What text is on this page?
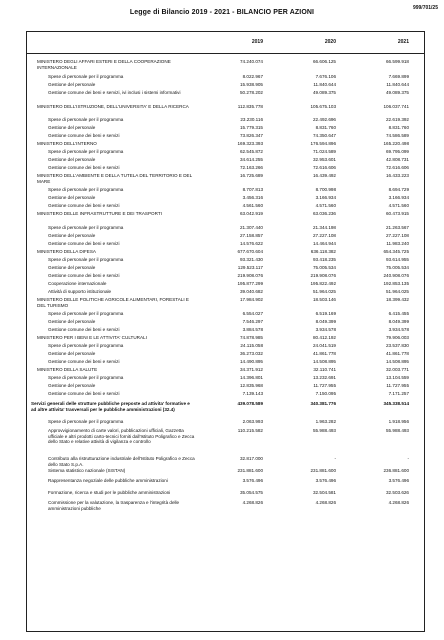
999/701/25
Legge di Bilancio 2019 - 2021 - BILANCIO PER AZIONI
2019	2020	2021
MINISTERO DEGLI AFFARI ESTERI E DELLA COOPERAZIONE INTERNAZIONALE
74.240.074	66.606.125	66.599.918
Spese di personale per il programma	8.022.967	7.676.106	7.669.899
Gestione del personale	15.938.905	11.840.644	11.840.644
Gestione comune dei beni e servizi, ivi inclusi i sistemi informativi	50.278.202	49.089.375	49.089.375
MINISTERO DELL'ISTRUZIONE, DELL'UNIVERSITA' E DELLA RICERCA	112.835.778	105.675.103	106.037.741
Spese di personale per il programma	23.230.116	22.492.696	22.619.392
Gestione del personale	15.779.315	8.831.760	8.831.760
Gestione comune dei beni e servizi	73.826.347	74.350.647	74.586.589
MINISTERO DELL'INTERNO	169.323.393	176.594.896	165.220.498
Spese di personale per il programma	62.545.872	71.024.589	69.795.099
Gestione del personale	34.614.255	32.953.601	42.808.731
Gestione comune dei beni e servizi	72.163.266	72.616.606	72.616.606
MINISTERO DELL'AMBIENTE E DELLA TUTELA DEL TERRITORIO E DEL MARE
16.725.689	16.439.492	16.433.223
Spese di personale per il programma	8.707.813	8.700.998	8.694.729
Gestione del personale	3.456.316	3.166.934	3.166.934
Gestione comune dei beni e servizi	4.561.560	4.571.560	4.571.560
MINISTERO DELLE INFRASTRUTTURE E DEI TRASPORTI	63.042.919	63.036.236	60.473.915
Spese di personale per il programma	21.307.440	21.344.198	21.263.567
Gestione del personale	27.158.857	27.227.108	27.227.108
Gestione comune dei beni e servizi	14.576.622	14.464.944	11.983.240
MINISTERO DELLA DIFESA	677.670.604	636.118.382	654.345.725
Spese di personale per il programma	93.321.430	93.418.235	93.614.955
Gestione del personale	129.523.117	75.005.534	75.005.534
Gestione comune dei beni e servizi	219.908.076	219.908.076	240.908.076
Cooperazione internazionale	195.877.299	195.822.492	192.853.135
Attività di supporto istituzionale	39.040.682	51.964.025	51.964.025
MINISTERO DELLE POLITICHE AGRICOLE ALIMENTARI, FORESTALI E DEL TURISMO
17.984.902	18.503.146	18.399.432
Spese di personale per il programma	6.554.027	6.519.169	6.415.455
Gestione del personale	7.546.297	8.049.399	8.049.399
Gestione comune dei beni e servizi	3.884.578	3.934.578	3.934.578
MINISTERO PER I BENI E LE ATTIVITA' CULTURALI	74.878.985	80.412.192	79.906.003
Spese di personale per il programma	24.115.058	24.041.519	23.537.830
Gestione del personale	36.273.032	41.861.778	41.861.778
Gestione comune dei beni e servizi	14.490.895	14.508.895	14.508.895
MINISTERO DELLA SALUTE	34.371.912	32.110.741	32.003.771
Spese di personale per il programma	14.396.801	13.232.691	13.104.559
Gestione del personale	12.835.968	11.727.955	11.727.955
Gestione comune dei beni e servizi	7.139.143	7.150.095	7.171.257
Servizi generali delle strutture pubbliche preposte ad attivita' formative e ad altre attivita' trasversali per le pubbliche amministrazioni (32.4)
439.078.589	340.381.776	345.338.514
Spese di personale per il programma	2.063.993	1.963.282	1.918.956
Approvvigionamento di carte valori, pubblicazioni ufficiali, Gazzetta ufficiale e altri prodotti carto-tecnici forniti dall'Istituto Poligrafico e Zecca dello Stato e relative attività di vigilanza e controllo
110.215.582	55.988.493	55.988.493
Contributo alla ristrutturazione industriale dell'Istituto Poligrafico e Zecca dello Stato S.p.A.
32.817.000	-	-
Sistema statistico nazionale (SISTAN)	231.881.600	231.881.600	236.881.600
Rappresentanza negoziale delle pubbliche amministrazioni	3.576.496	3.576.496	3.576.496
Formazione, ricerca e studi per le pubbliche amministrazioni	35.054.575	32.504.581	32.503.626
Commissione per la valutazione, la trasparenza e l'integrità delle amministrazioni pubbliche
4.268.826	4.268.826	4.268.826
